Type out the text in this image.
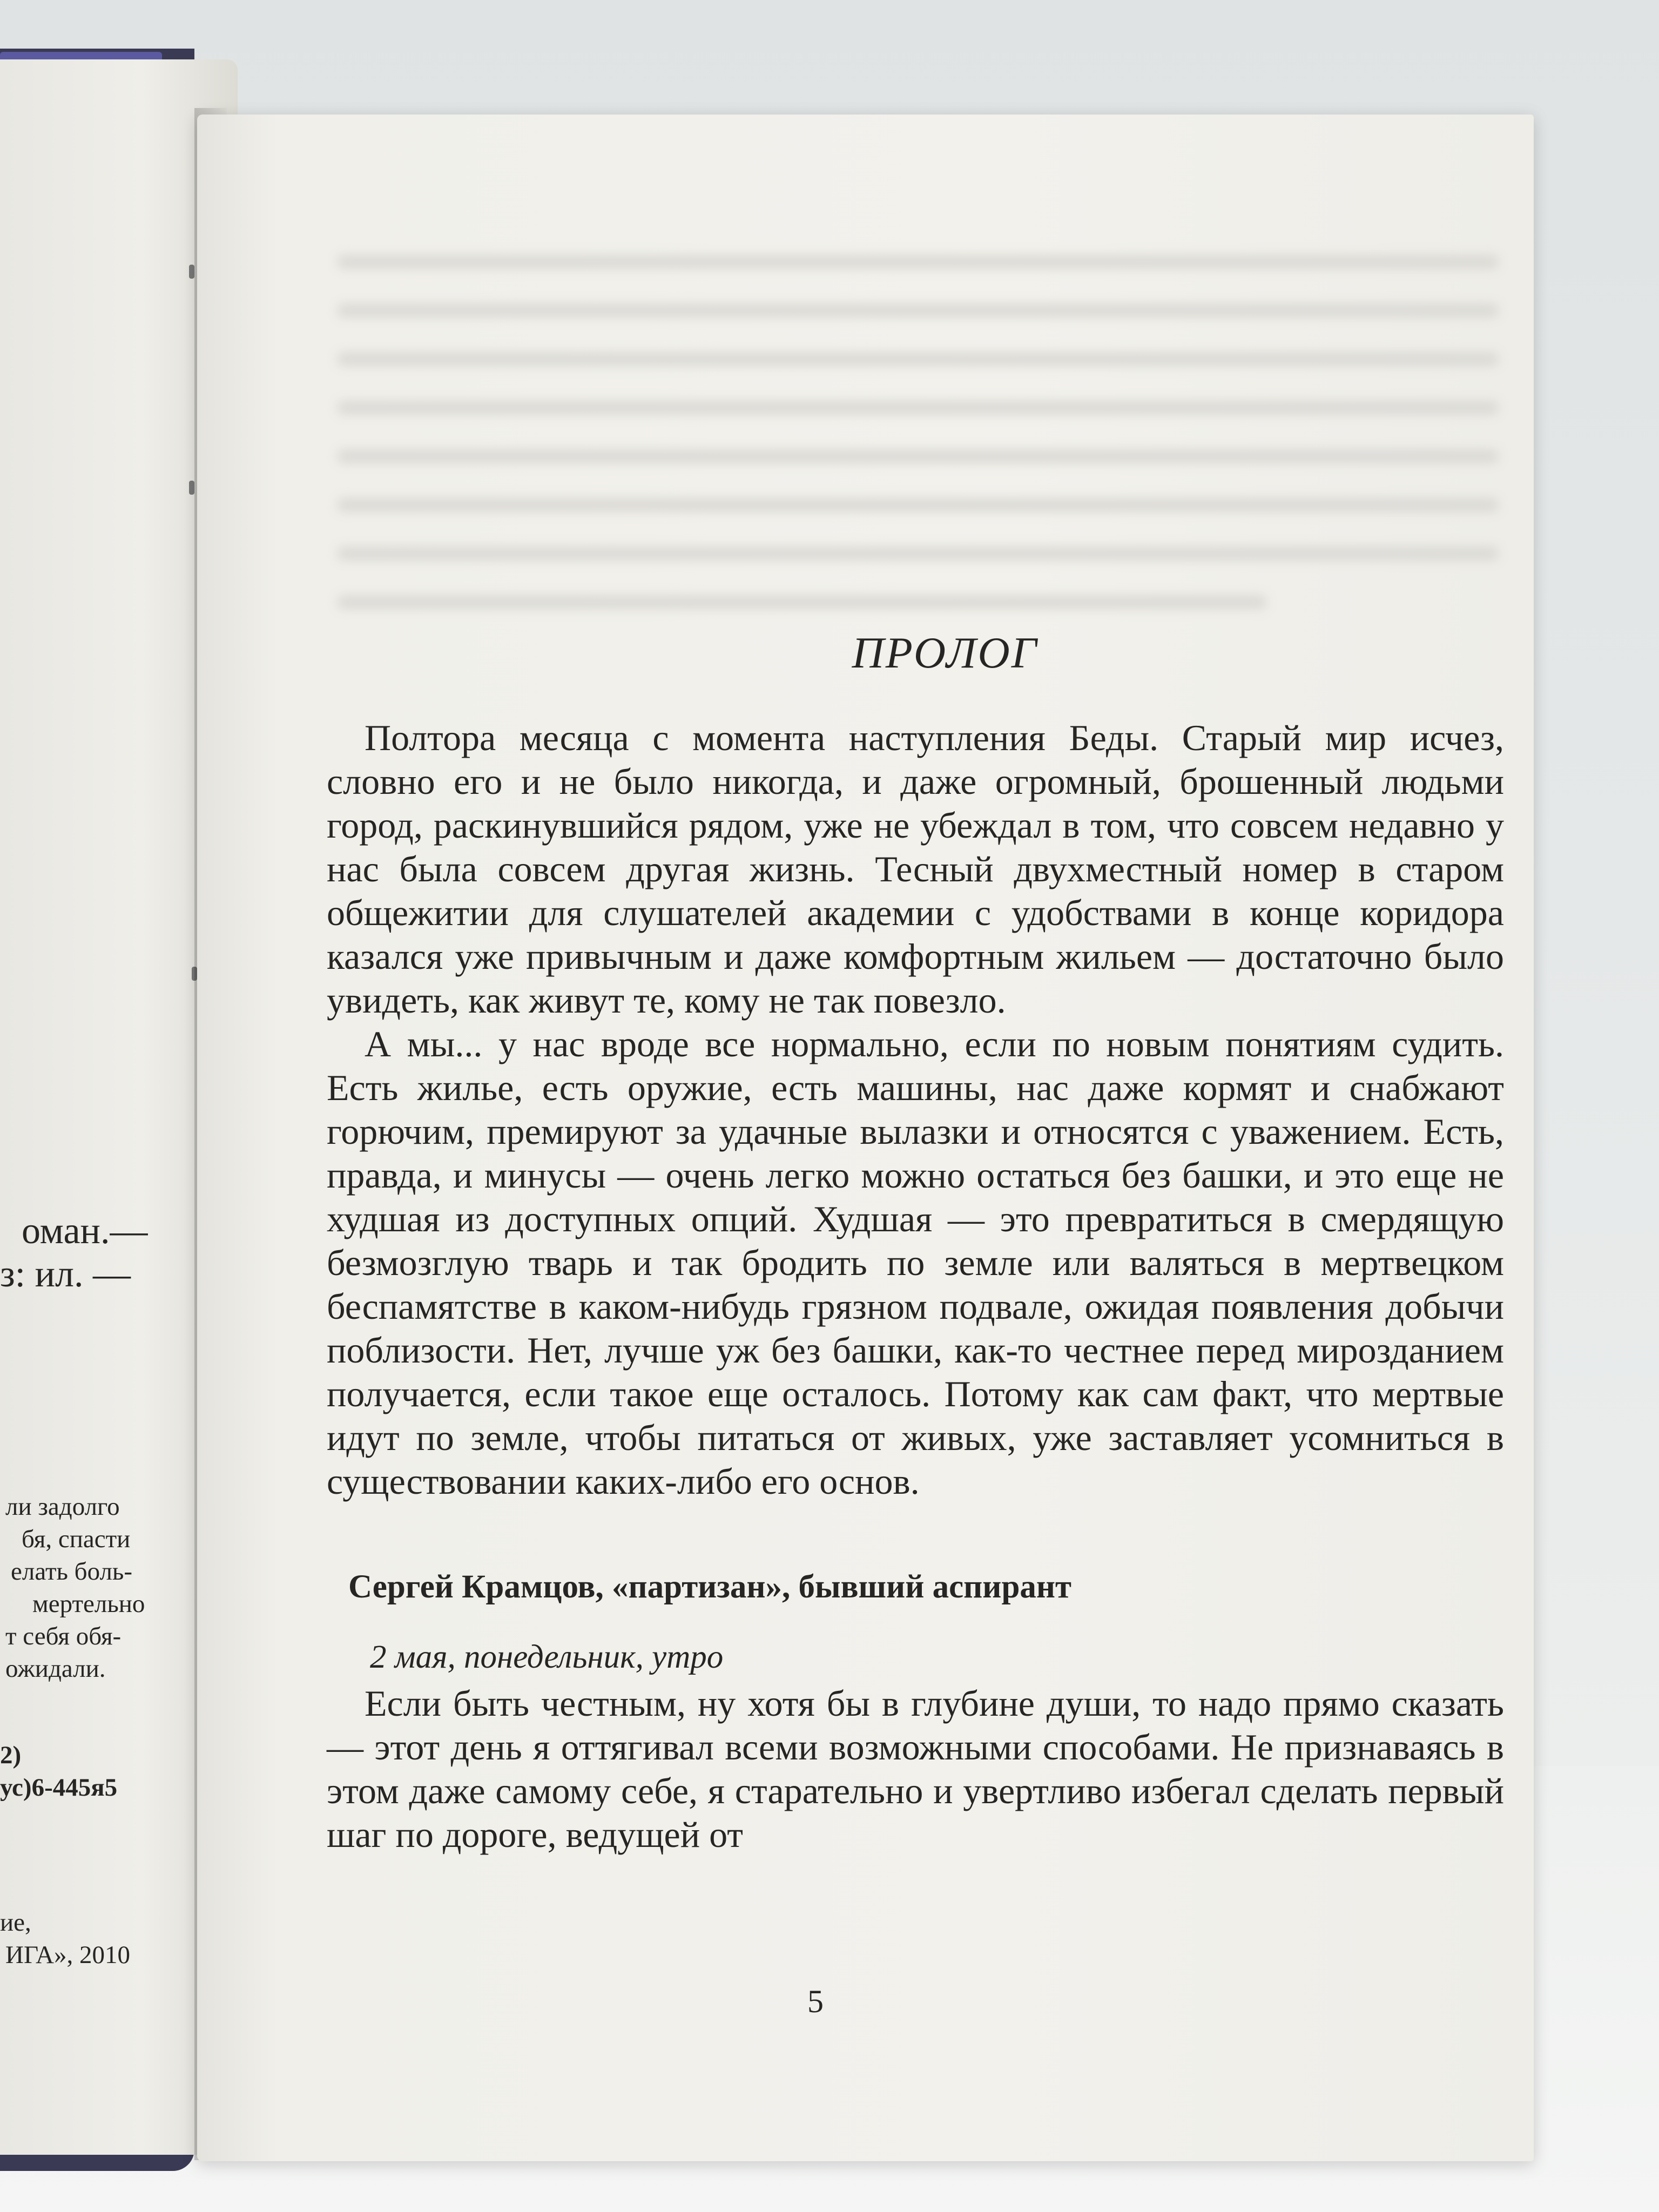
оман.—
з: ил. —
ли задолго
бя, спасти
елать боль-
мертельно
т себя обя-
ожидали.
2)
ус)6-445я5
ие,
ИГА», 2010
ПРОЛОГ

Полтора месяца с момента наступления Беды. Старый мир исчез, словно его и не было никогда, и даже огромный, брошенный людьми город, раскинувшийся рядом, уже не убеждал в том, что совсем недавно у нас была совсем другая жизнь. Тесный двухместный номер в старом общежитии для слушателей академии с удобствами в конце коридора казался уже привычным и даже комфортным жильем — достаточно было увидеть, как живут те, кому не так повезло.

А мы... у нас вроде все нормально, если по новым понятиям судить. Есть жилье, есть оружие, есть машины, нас даже кормят и снабжают горючим, премируют за удачные вылазки и относятся с уважением. Есть, правда, и минусы — очень легко можно остаться без башки, и это еще не худшая из доступных опций. Худшая — это превратиться в смердящую безмозглую тварь и так бродить по земле или валяться в мертвецком беспамятстве в каком-нибудь грязном подвале, ожидая появления добычи поблизости. Нет, лучше уж без башки, как-то честнее перед мирозданием получается, если такое еще осталось. Потому как сам факт, что мертвые идут по земле, чтобы питаться от живых, уже заставляет усомниться в существовании каких-либо его основ.

Сергей Крамцов, «партизан», бывший аспирант
2 мая, понедельник, утро

Если быть честным, ну хотя бы в глубине души, то надо прямо сказать — этот день я оттягивал всеми возможными способами. Не признаваясь в этом даже самому себе, я старательно и увертливо избегал сделать первый шаг по дороге, ведущей от

5
